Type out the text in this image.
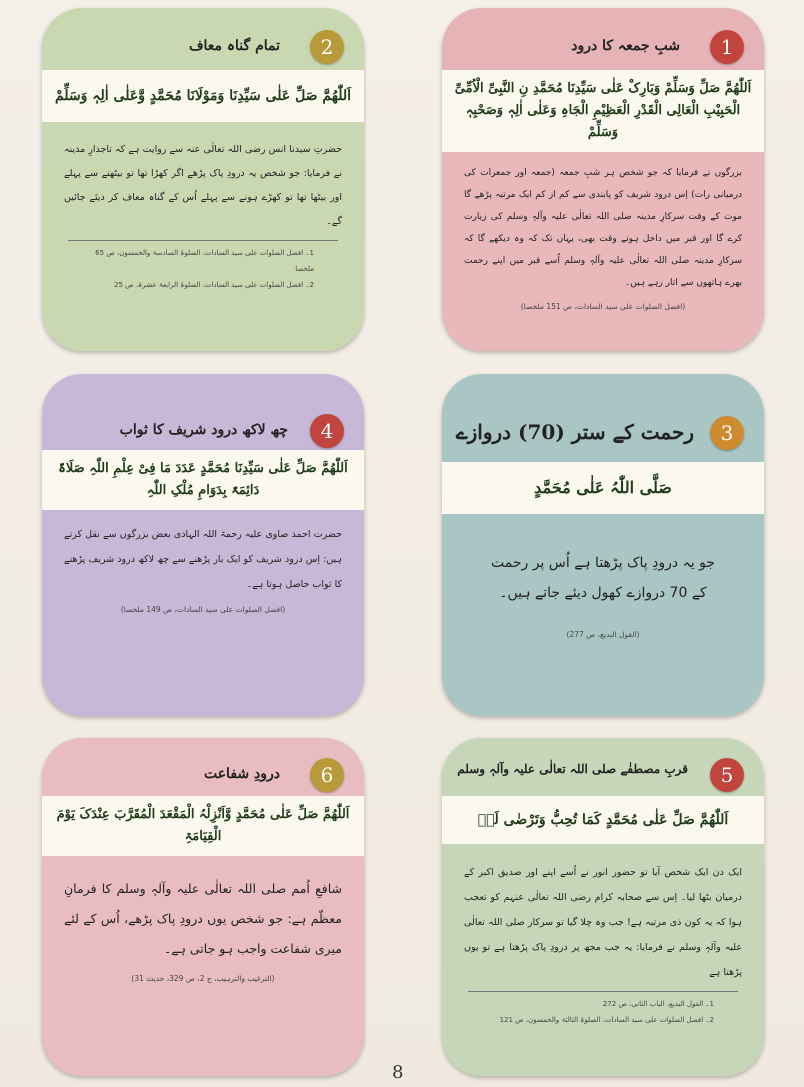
1
شبِ جمعہ کا درود
اَللّٰھُمَّ صَلِّ وَسَلِّمْ وَبَارِکْ عَلٰی سَیِّدِنَا مُحَمَّدِ نِ النَّبِیِّ الْاُمِّیِّ الْحَبِیْبِ الْعَالِی الْقَدْرِ الْعَظِیْمِ الْجَاہِ وَعَلٰی اٰلِہٖ وَصَحْبِہٖ وَسَلِّمْ
بزرگوں نے فرمایا کہ جو شخص ہر شبِ جمعہ (جمعہ اور جمعرات کی درمیانی رات) اِس درود شریف کو پابندی سے کم از کم ایک مرتبہ پڑھے گا موت کے وقت سرکارِ مدینہ صلی اللہ تعالٰی علیہ وآلہٖ وسلم کی زیارت کرے گا اور قبر میں داخل ہوتے وقت بھی، یہاں تک کہ وہ دیکھے گا کہ سرکارِ مدینہ صلی اللہ تعالٰی علیہ وآلہٖ وسلم اُسے قبر میں اپنے رحمت بھرے ہاتھوں سے اتار رہے ہیں۔
(افضل الصلوات علی سید السادات، ص 151 ملخصا)
2
تمام گناہ معاف
اَللّٰھُمَّ صَلِّ عَلٰی سَیِّدِنَا وَمَوْلَانَا مُحَمَّدٍ وَّعَلٰی اٰلِہٖ وَسَلِّمْ
حضرتِ سیدنا انس رضی اللہ تعالٰی عنہ سے روایت ہے کہ تاجدارِ مدینہ نے فرمایا: جو شخص یہ درودِ پاک پڑھے اگر کھڑا تھا تو بیٹھنے سے پہلے اور بیٹھا تھا تو کھڑے ہونے سے پہلے اُس کے گناہ معاف کر دیئے جائیں گے۔
1۔ افضل الصلوات علی سید السادات، الصلوۃ السادسۃ والخمسون، ص 65 ملخصا
2۔ افضل الصلوات علی سید السادات، الصلوۃ الرابعۃ عشرۃ، ص 25
3
رحمت کے ستر (70) دروازے
صَلَّی اللّٰہُ عَلٰی مُحَمَّدٍ
جو یہ درودِ پاک پڑھتا ہے اُس پر رحمت کے 70 دروازے کھول دیئے جاتے ہیں۔
(القول البدیع، ص 277)
4
چھ لاکھ درود شریف کا ثواب
اَللّٰھُمَّ صَلِّ عَلٰی سَیِّدِنَا مُحَمَّدٍ عَدَدَ مَا فِیْ عِلْمِ اللّٰہِ صَلَاۃً دَائِمَۃً بِدَوَامِ مُلْکِ اللّٰہِ
حضرت احمد صاوی علیہ رحمۃ اللہ الہادی بعض بزرگوں سے نقل کرتے ہیں: اِس درود شریف کو ایک بار پڑھنے سے چھ لاکھ درود شریف پڑھنے کا ثواب حاصل ہوتا ہے۔
(افضل الصلوات علی سید السادات، ص 149 ملخصا)
5
قربِ مصطفٰے صلی اللہ تعالٰی علیہ وآلہٖ وسلم
اَللّٰھُمَّ صَلِّ عَلٰی مُحَمَّدٍ کَمَا تُحِبُّ وَتَرْضٰی لَہٗ
ایک دن ایک شخص آیا تو حضور انور نے اُسے اپنے اور صدیق اکبر کے درمیان بٹھا لیا۔ اِس سے صحابہ کرام رضی اللہ تعالٰی عنہم کو تعجب ہوا کہ یہ کون ذی مرتبہ ہے! جب وہ چلا گیا تو سرکار صلی اللہ تعالٰی علیہ وآلہٖ وسلم نے فرمایا: یہ جب مجھ پر درودِ پاک پڑھتا ہے تو یوں پڑھتا ہے
1۔ القول البدیع، الباب الثانی، ص 272
2۔ افضل الصلوات علی سید السادات، الصلوۃ الثالثۃ والخمسون، ص 121
6
درودِ شفاعت
اَللّٰھُمَّ صَلِّ عَلٰی مُحَمَّدٍ وَّاَنْزِلْہُ الْمَقْعَدَ الْمُقَرَّبَ عِنْدَکَ یَوْمَ الْقِیَامَۃِ
شافعِ اُمم صلی اللہ تعالٰی علیہ وآلہٖ وسلم کا فرمانِ معظّم ہے: جو شخص یوں درودِ پاک پڑھے، اُس کے لئے میری شفاعت واجب ہو جاتی ہے۔
(الترغیب والترہیب، ج 2، ص 329، حدیث 31)
8
